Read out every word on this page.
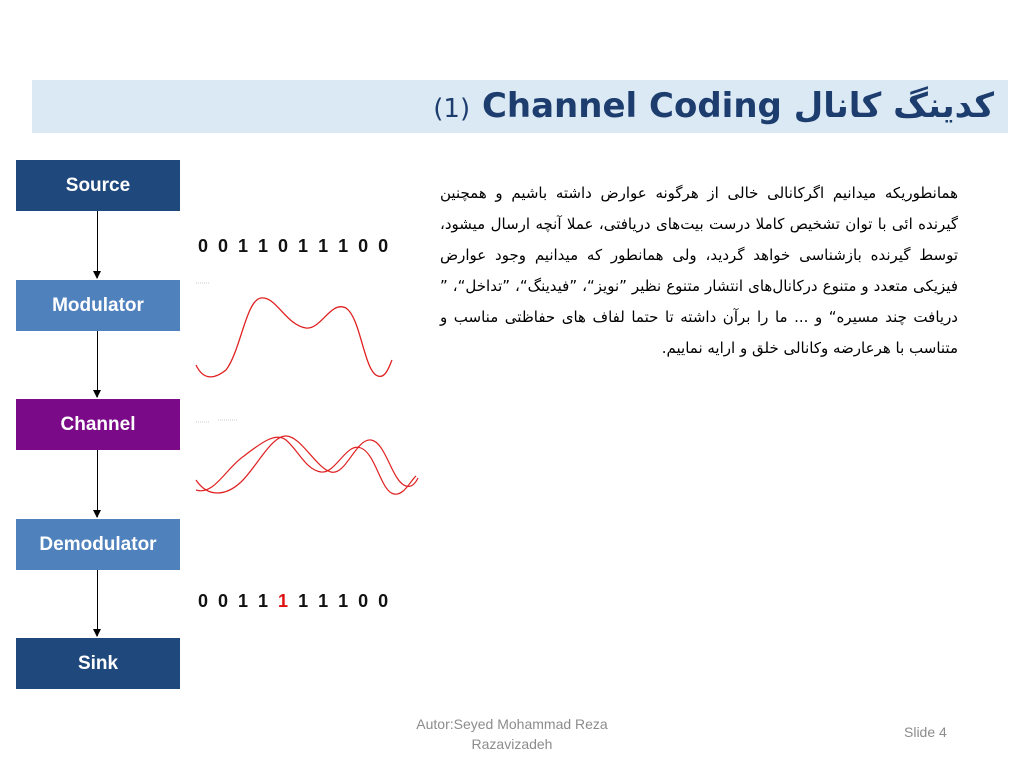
(1) Channel Coding کدینگ کانال
Source
Modulator
Channel
Demodulator
Sink
0 0 1 1 0 1 1 1 0 0
0 0 1 1 1 1 1 1 0 0
همانطوریکه میدانیم اگرکانالی خالی از هرگونه عوارض داشته باشیم و همچنین گیرنده ائی با توان تشخیص کاملا درست بیت‌های دریافتی، عملا آنچه ارسال میشود، توسط گیرنده بازشناسی خواهد گردید، ولی همانطور که میدانیم وجود عوارض فیزیکی متعدد و متنوع درکانال‌های انتشار متنوع نظیر ”نویز“، ”فیدینگ“، ”تداخل“، ” دریافت چند مسیره“ و ... ما را برآن داشته تا حتما لفاف های حفاظتی مناسب و متناسب با هرعارضه وکانالی خلق و ارایه نماییم.
Autor:Seyed Mohammad Reza Razavizadeh
Slide 4
